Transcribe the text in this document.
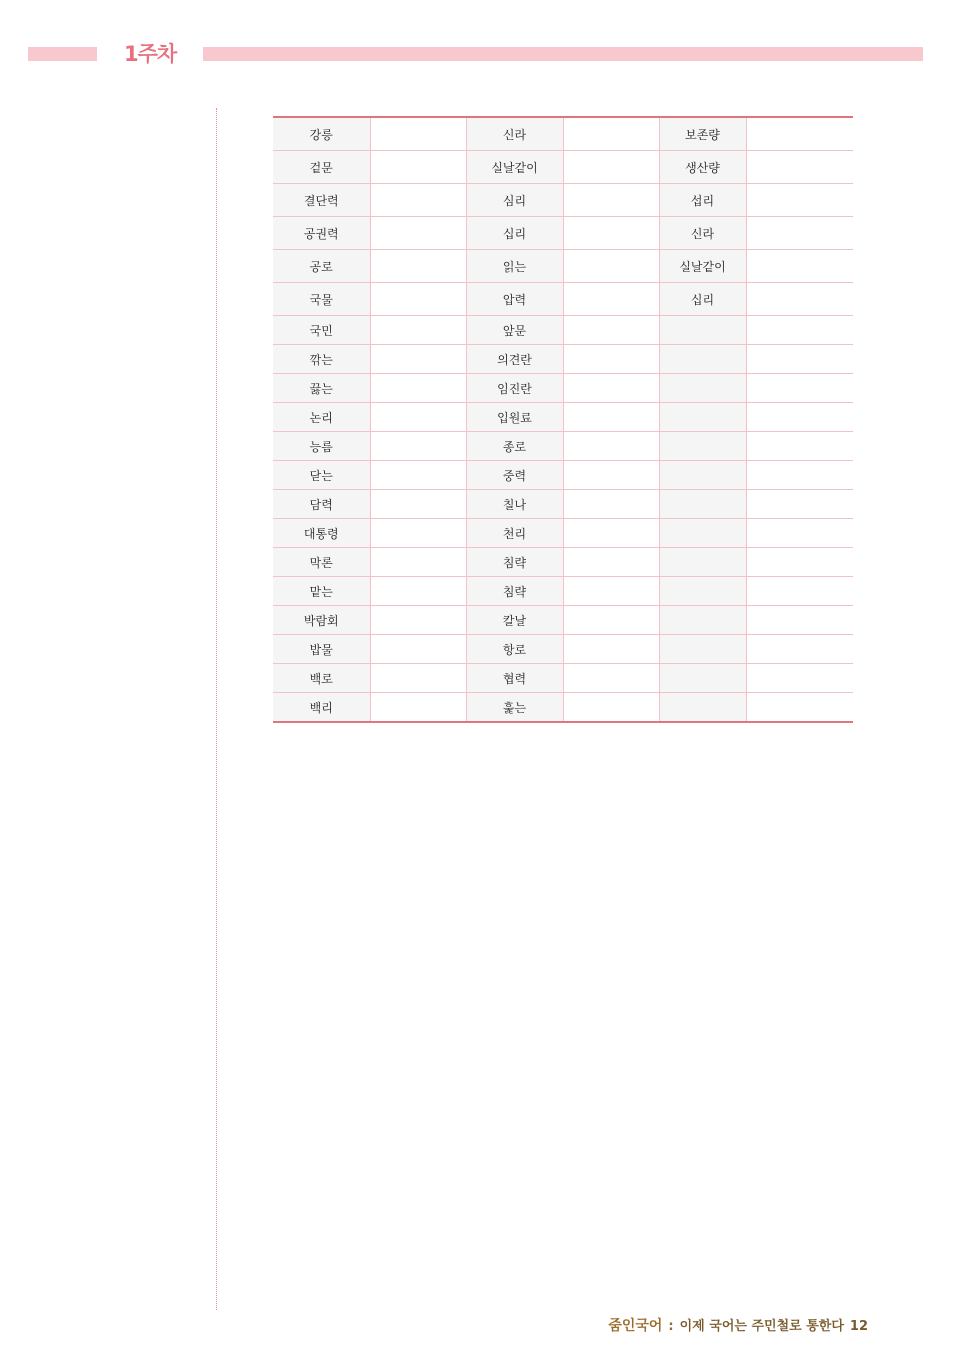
1주차
강릉		신라		보존량	
겉문		실날같이		생산량	
결단력		심리		섭리	
공권력		십리		신라	
공로		읽는		실날같이	
국물		압력		십리	
국민		앞문			
깎는		의견란			
끓는		임진란			
논리		입원료			
능름		종로			
닫는		중력			
담력		칠나			
대통령		천리			
막론		침략			
맡는		침략			
박람회		칼날			
밥물		항로			
백로		협력			
백리		훑는			
줌인국어 : 이제 국어는 주민철로 통한다 12
